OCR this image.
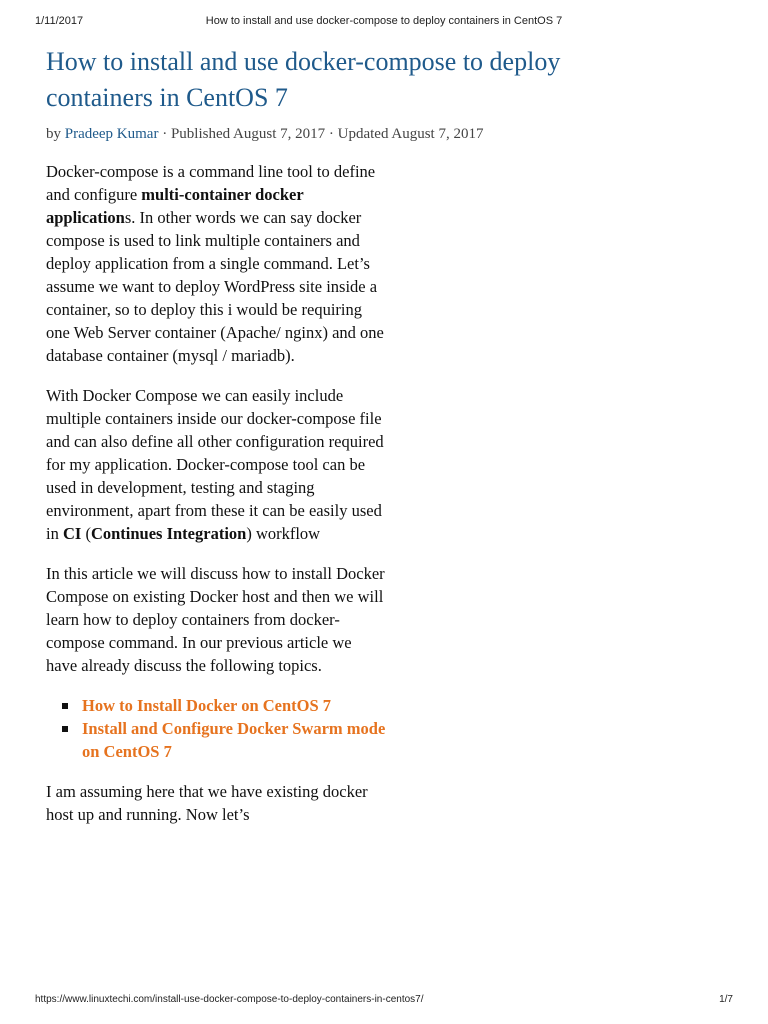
1/11/2017	How to install and use docker-compose to deploy containers in CentOS 7
How to install and use docker-compose to deploy containers in CentOS 7
by Pradeep Kumar · Published August 7, 2017 · Updated August 7, 2017

Docker-compose is a command line tool to define and configure multi-container docker applications. In other words we can say docker compose is used to link multiple containers and deploy application from a single command. Let’s assume we want to deploy WordPress site inside a container, so to deploy this i would be requiring one Web Server container (Apache/ nginx) and one database container (mysql / mariadb).

With Docker Compose we can easily include multiple containers inside our docker-compose file and can also define all other configuration required for my application. Docker-compose tool can be used in development, testing and staging environment, apart from these it can be easily used in CI (Continues Integration) workflow

In this article we will discuss how to install Docker Compose on existing Docker host and then we will learn how to deploy containers from docker-compose command. In our previous article we have already discuss the following topics.

How to Install Docker on CentOS 7
Install and Configure Docker Swarm mode on CentOS 7

I am assuming here that we have existing docker host up and running. Now let’s

https://www.linuxtechi.com/install-use-docker-compose-to-deploy-containers-in-centos7/	1/7
